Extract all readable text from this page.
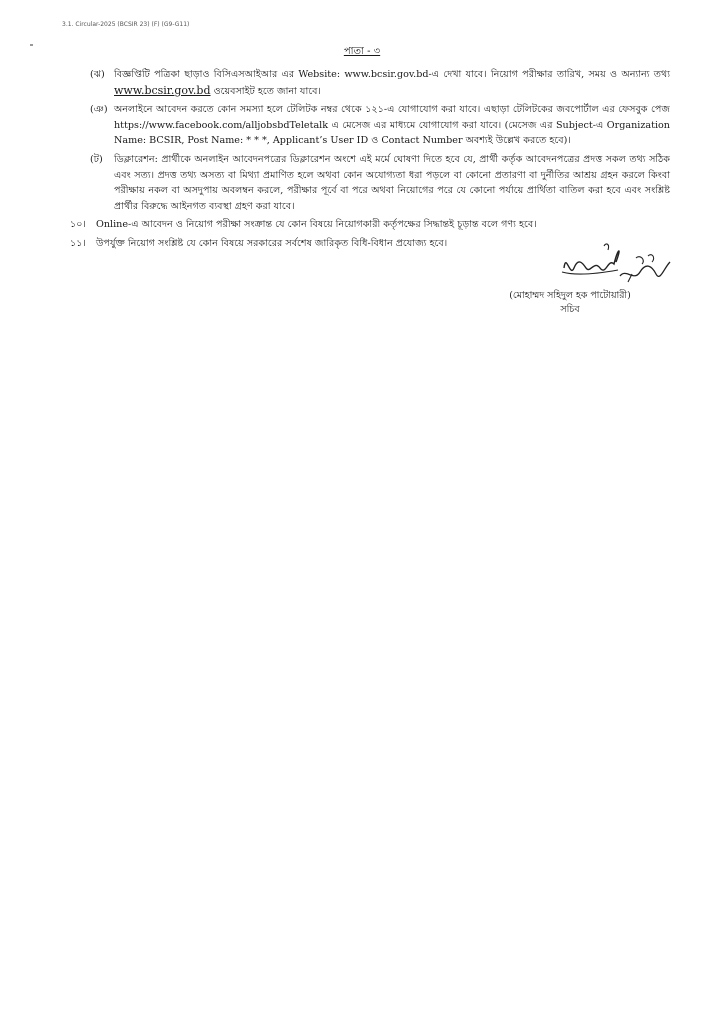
3.1. Circular-2025 (BCSIR 23) (F) (G9-G11)
পাতা - ৩
(ঝ) বিজ্ঞপ্তিটি পত্রিকা ছাড়াও বিসিএসআইআর এর Website: www.bcsir.gov.bd-এ দেখা যাবে। নিয়োগ পরীক্ষার তারিখ, সময় ও অন্যান্য তথ্য www.bcsir.gov.bd ওয়েবসাইট হতে জানা যাবে।
(ঞ) অনলাইনে আবেদন করতে কোন সমস্যা হলে টেলিটক নম্বর থেকে ১২১-এ যোগাযোগ করা যাবে। এছাড়া টেলিটকের জবপোর্টাল এর ফেসবুক পেজ https://www.facebook.com/alljobsbdTeletalk এ মেসেজ এর মাধ্যমে যোগাযোগ করা যাবে। (মেসেজ এর Subject-এ Organization Name: BCSIR, Post Name: * * *, Applicant’s User ID ও Contact Number অবশ্যই উল্লেখ করতে হবে)।
(ট)	ডিক্লারেশন: প্রার্থীকে অনলাইন আবেদনপত্রের ডিক্লারেশন অংশে এই মর্মে ঘোষণা দিতে হবে যে, প্রার্থী কর্তৃক আবেদনপত্রের প্রদত্ত সকল তথ্য সঠিক এবং সত্য। প্রদত্ত তথ্য অসত্য বা মিথ্যা প্রমাণিত হলে অথবা কোন অযোগ্যতা ধরা পড়লে বা কোনো প্রতারণা বা দুর্নীতির আশ্রয় গ্রহন করলে কিংবা পরীক্ষায় নকল বা অসদুপায় অবলম্বন করলে, পরীক্ষার পূর্বে বা পরে অথবা নিয়োগের পরে যে কোনো পর্যায়ে প্রার্থিতা বাতিল করা হবে এবং সংশ্লিষ্ট প্রার্থীর বিরুদ্ধে আইনগত ব্যবস্থা গ্রহণ করা যাবে।
১০।	Online-এ আবেদন ও নিয়োগ পরীক্ষা সংক্রান্ত যে কোন বিষয়ে নিয়োগকারী কর্তৃপক্ষের সিদ্ধান্তই চূড়ান্ত বলে গণ্য হবে।
১১।	উপর্যুক্ত নিয়োগ সংশ্লিষ্ট যে কোন বিষয়ে সরকারের সর্বশেষ জারিকৃত বিধি-বিধান প্রযোজ্য হবে।
(মোহাম্মদ সহিদুল হক পাটোয়ারী)
সচিব
